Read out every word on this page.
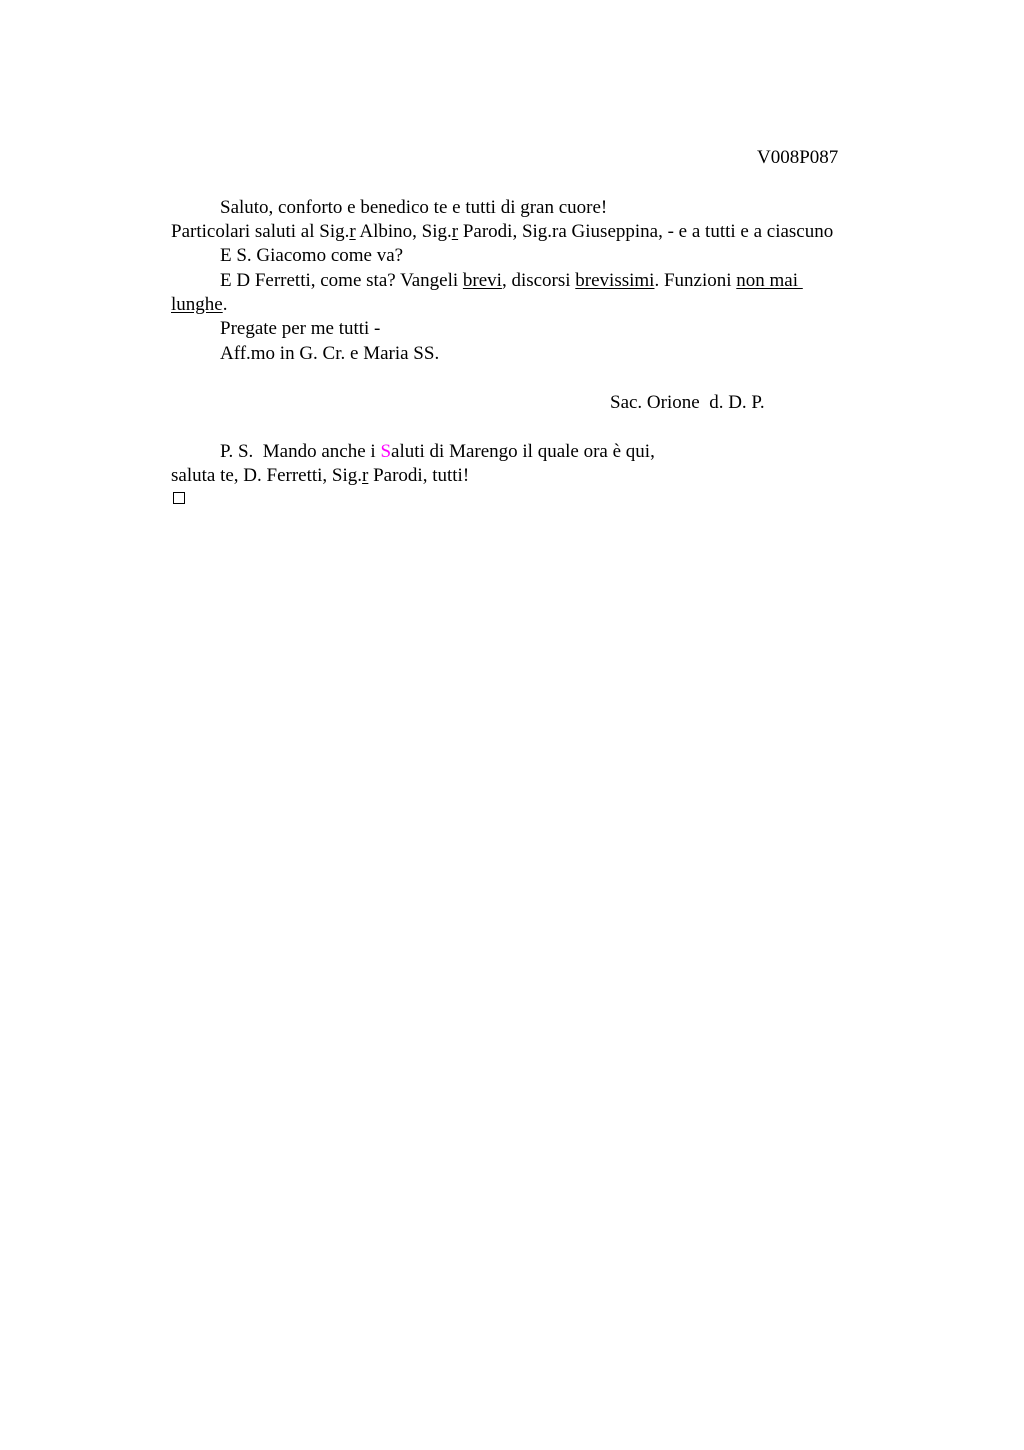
V008P087
Saluto, conforto e benedico te e tutti di gran cuore!
Particolari saluti al Sig.r Albino, Sig.r Parodi, Sig.ra Giuseppina, - e a tutti e a ciascuno
E S. Giacomo come va?
E D Ferretti, come sta? Vangeli brevi, discorsi brevissimi. Funzioni non mai
lunghe.
Pregate per me tutti -
Aff.mo in G. Cr. e Maria SS.
Sac. Orione  d. D. P.
P. S.  Mando anche i Saluti di Marengo il quale ora è qui,
saluta te, D. Ferretti, Sig.r Parodi, tutti!
